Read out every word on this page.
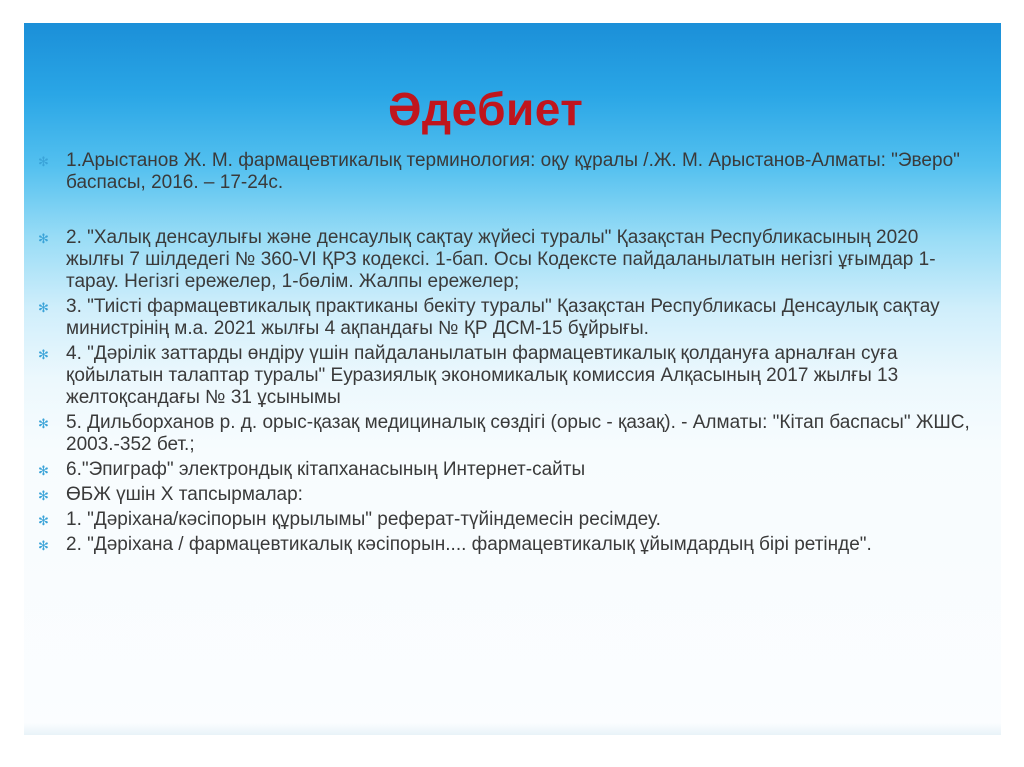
Әдебиет
✻ 1.Арыстанов Ж. М. фармацевтикалық терминология: оқу құралы /.Ж. М. Арыстанов-Алматы: "Эверо" баспасы, 2016. – 17-24с.
✻ 2. "Халық денсаулығы және денсаулық сақтау жүйесі туралы" Қазақстан Республикасының 2020 жылғы 7 шілдедегі № 360-VI ҚРЗ кодексі. 1-бап. Осы Кодексте пайдаланылатын негізгі ұғымдар 1-тарау. Негізгі ережелер, 1-бөлім. Жалпы ережелер;
✻ 3. "Тиісті фармацевтикалық практиканы бекіту туралы" Қазақстан Республикасы Денсаулық сақтау министрінің м.а. 2021 жылғы 4 ақпандағы № ҚР ДСМ-15 бұйрығы.
✻ 4. "Дәрілік заттарды өндіру үшін пайдаланылатын фармацевтикалық қолдануға арналған суға қойылатын талаптар туралы" Еуразиялық экономикалық комиссия Алқасының 2017 жылғы 13 желтоқсандағы № 31 ұсынымы
✻ 5. Дильборханов р. д. орыс-қазақ медициналық сөздігі (орыс - қазақ). - Алматы: "Кітап баспасы" ЖШС, 2003.-352 бет.;
✻ 6."Эпиграф" электрондық кітапханасының Интернет-сайты
✻ ӨБЖ үшін Х тапсырмалар:
✻ 1. "Дәріхана/кәсіпорын құрылымы" реферат-түйіндемесін ресімдеу.
✻ 2. "Дәріхана / фармацевтикалық кәсіпорын.... фармацевтикалық ұйымдардың бірі ретінде".
